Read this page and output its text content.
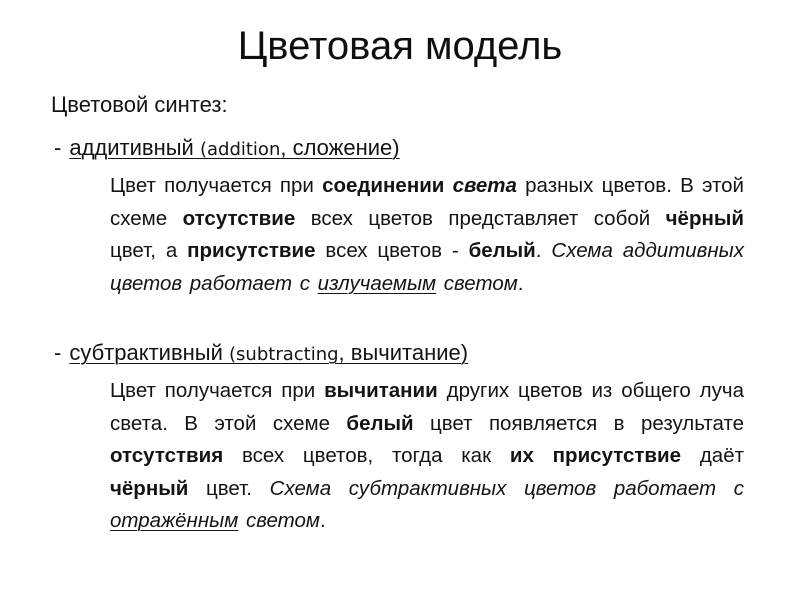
Цветовая модель
Цветовой синтез:
- аддитивный (addition, сложение)
Цвет получается при соединении света разных цветов. В этой схеме отсутствие всех цветов представляет собой чёрный цвет, а присутствие всех цветов - белый. Схема аддитивных цветов работает с излучаемым светом.
- субтрактивный (subtracting, вычитание)
Цвет получается при вычитании других цветов из общего луча света. В этой схеме белый цвет появляется в результате отсутствия всех цветов, тогда как их присутствие даёт чёрный цвет. Схема субтрактивных цветов работает с отражённым светом.
